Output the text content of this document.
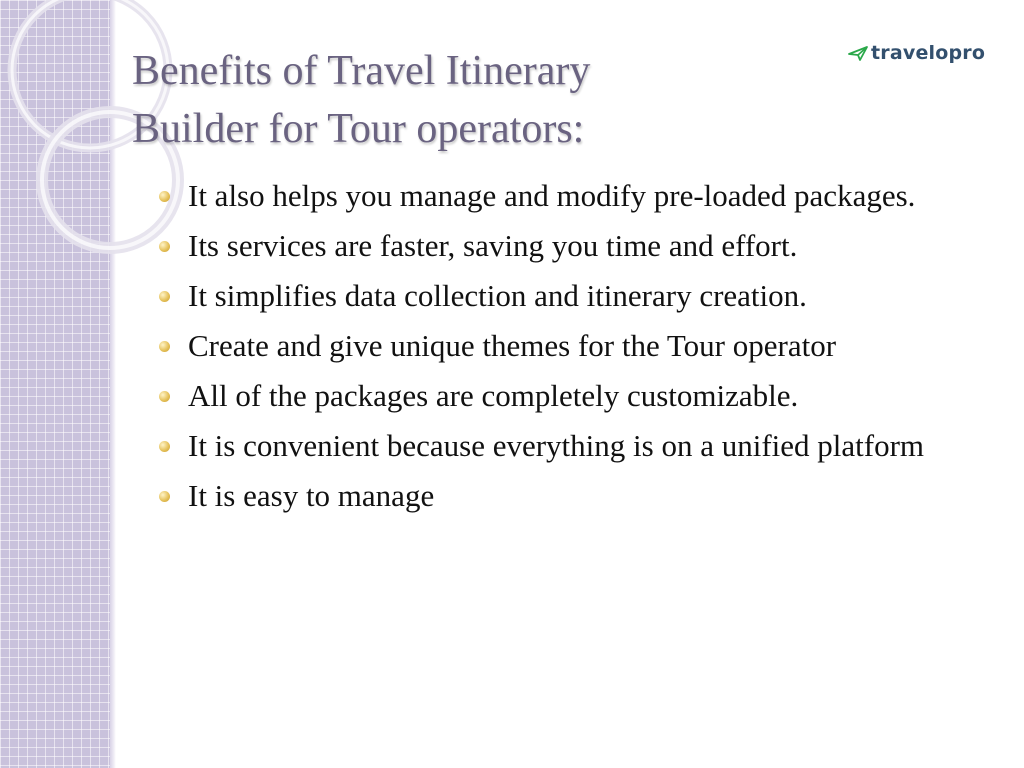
Benefits of Travel Itinerary
Builder for Tour operators:
travelopro
It also helps you manage and modify pre-loaded packages.
Its services are faster, saving you time and effort.
It simplifies data collection and itinerary creation.
Create and give unique themes for the Tour operator
All of the packages are completely customizable.
It is convenient because everything is on a unified platform
It is easy to manage
